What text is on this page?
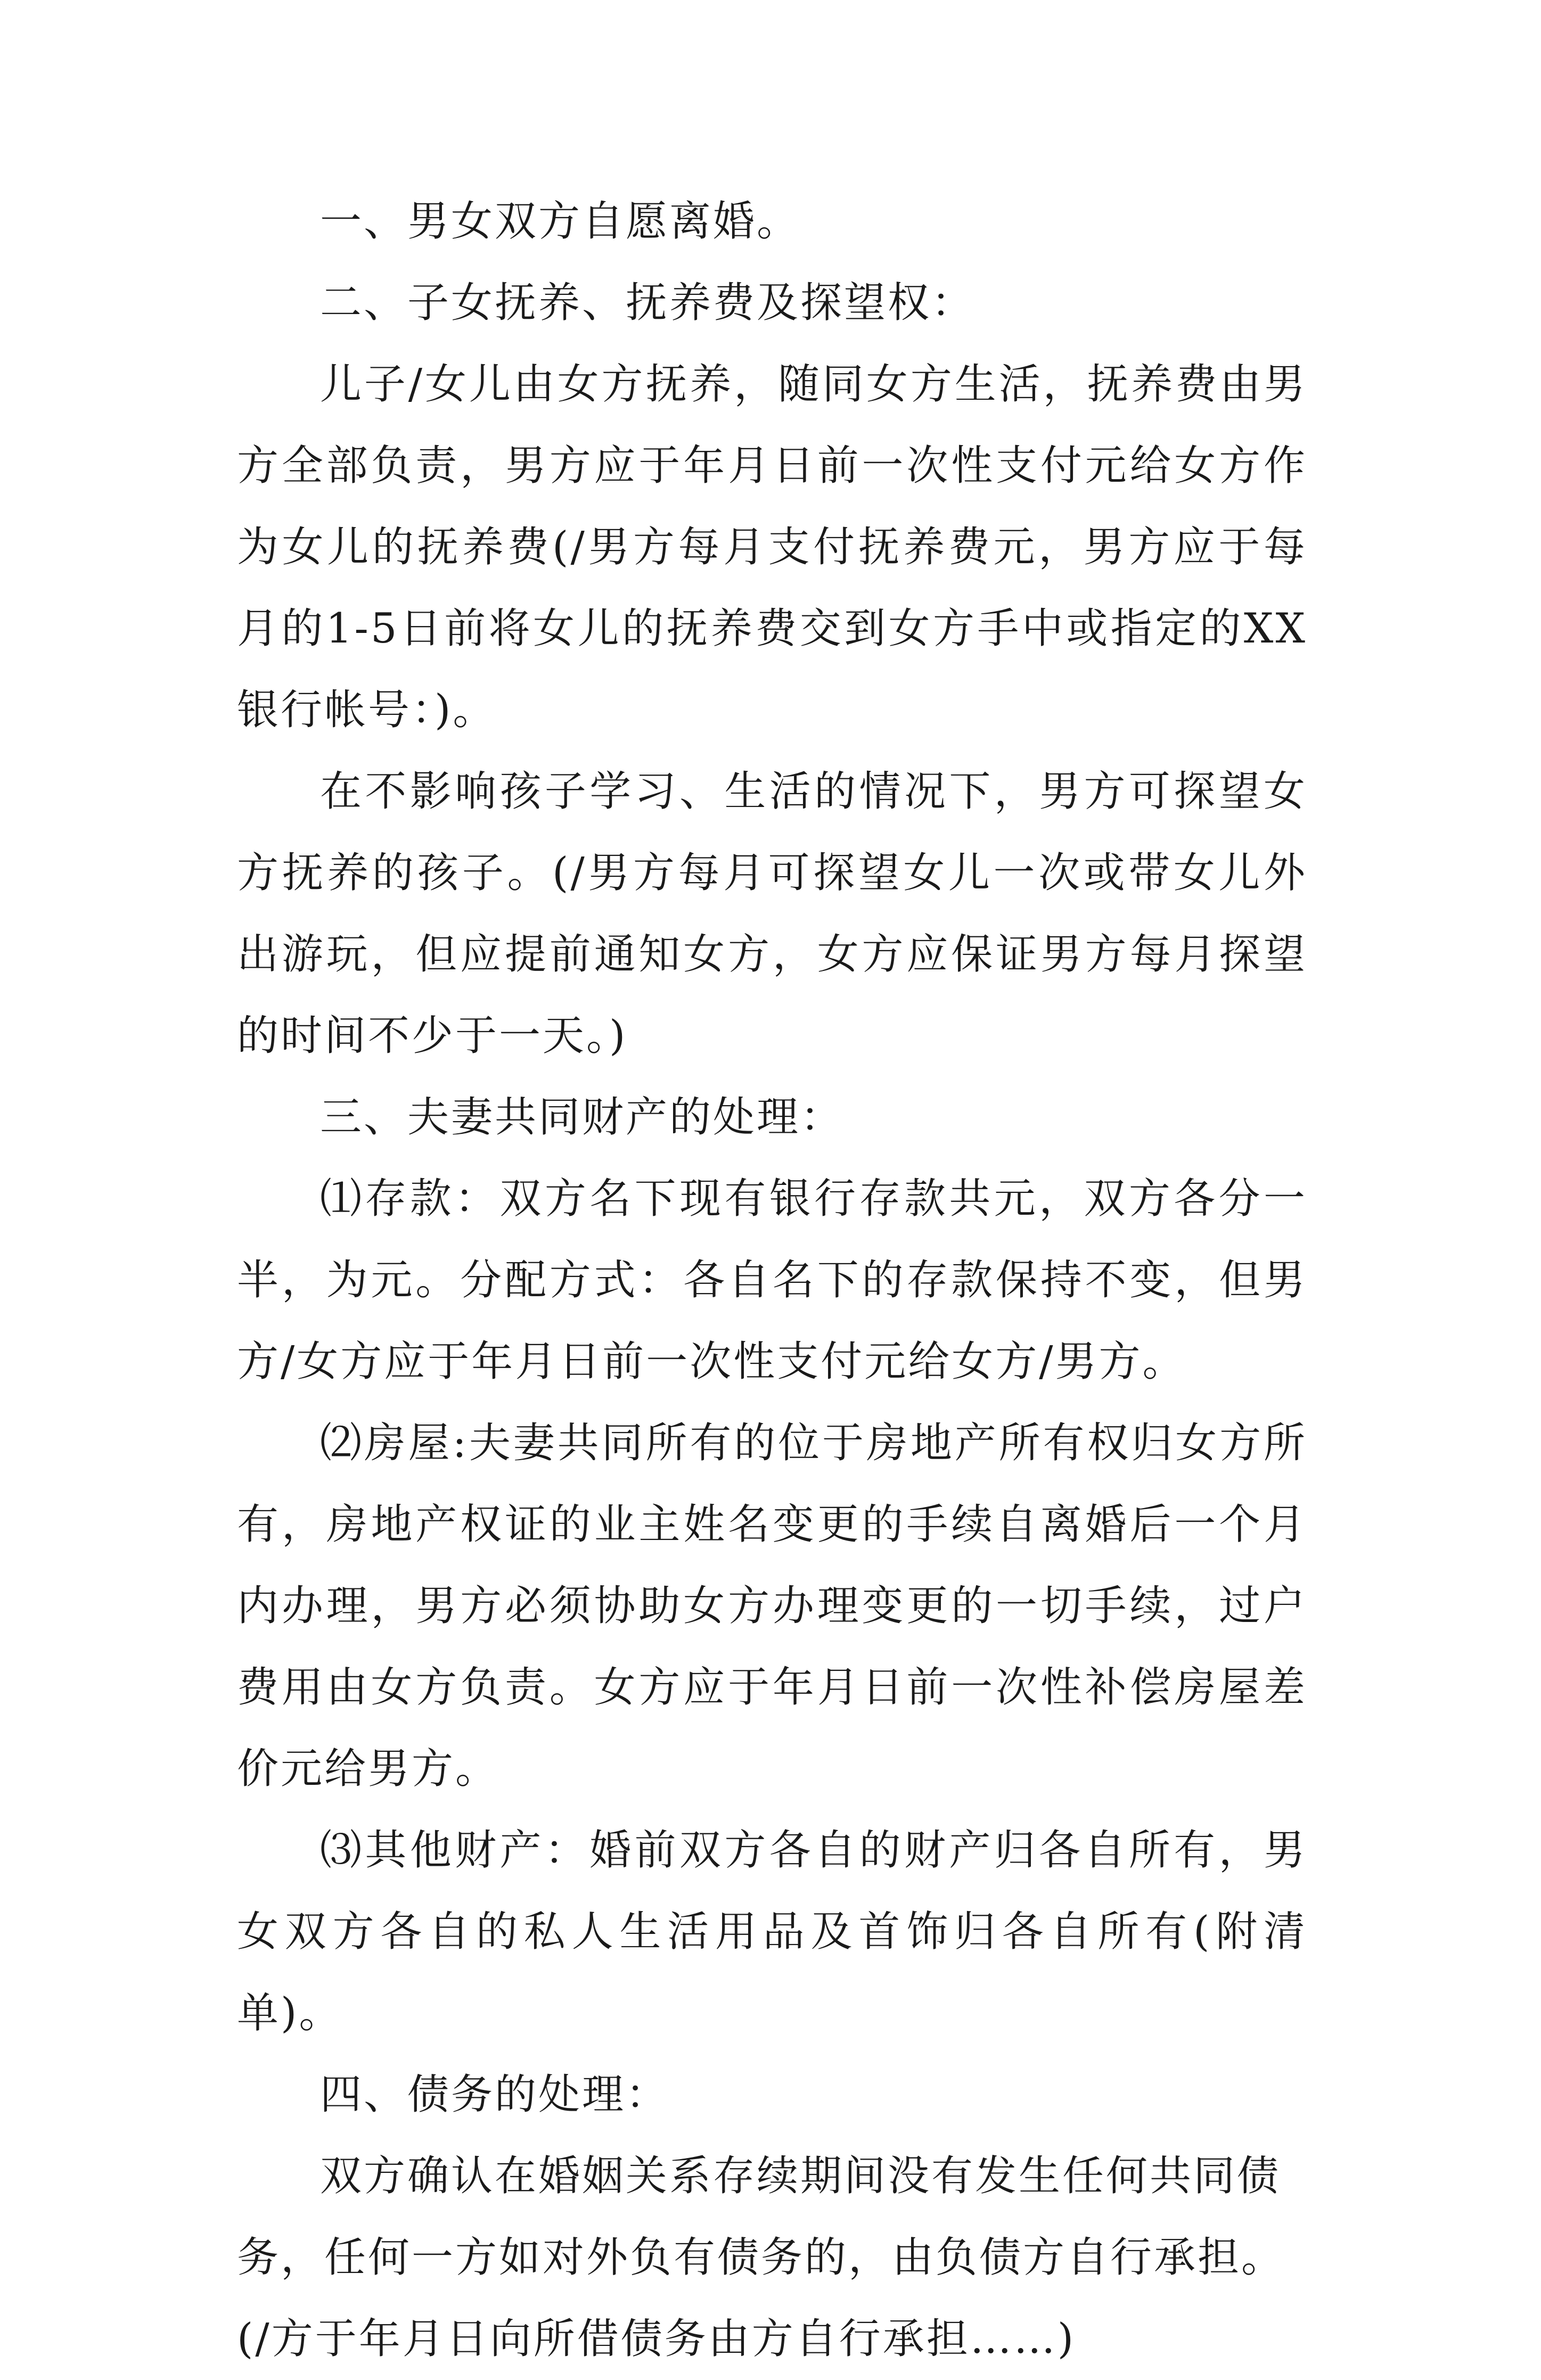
一、男女双方自愿离婚。

二、子女抚养、抚养费及探望权：

儿子/女儿由女方抚养，随同女方生活，抚养费由男方全部负责，男方应于年月日前一次性支付元给女方作为女儿的抚养费(/男方每月支付抚养费元，男方应于每月的1-5日前将女儿的抚养费交到女方手中或指定的XX银行帐号：)。

在不影响孩子学习、生活的情况下，男方可探望女方抚养的孩子。(/男方每月可探望女儿一次或带女儿外出游玩，但应提前通知女方，女方应保证男方每月探望的时间不少于一天。)

三、夫妻共同财产的处理：

⑴存款：双方名下现有银行存款共元，双方各分一半，为元。分配方式：各自名下的存款保持不变，但男方/女方应于年月日前一次性支付元给女方/男方。

⑵房屋:夫妻共同所有的位于房地产所有权归女方所有，房地产权证的业主姓名变更的手续自离婚后一个月内办理，男方必须协助女方办理变更的一切手续，过户费用由女方负责。女方应于年月日前一次性补偿房屋差价元给男方。

⑶其他财产：婚前双方各自的财产归各自所有，男女双方各自的私人生活用品及首饰归各自所有(附清单)。

四、债务的处理：

双方确认在婚姻关系存续期间没有发生任何共同债务，任何一方如对外负有债务的，由负债方自行承担。(/方于年月日向所借债务由方自行承担……)
